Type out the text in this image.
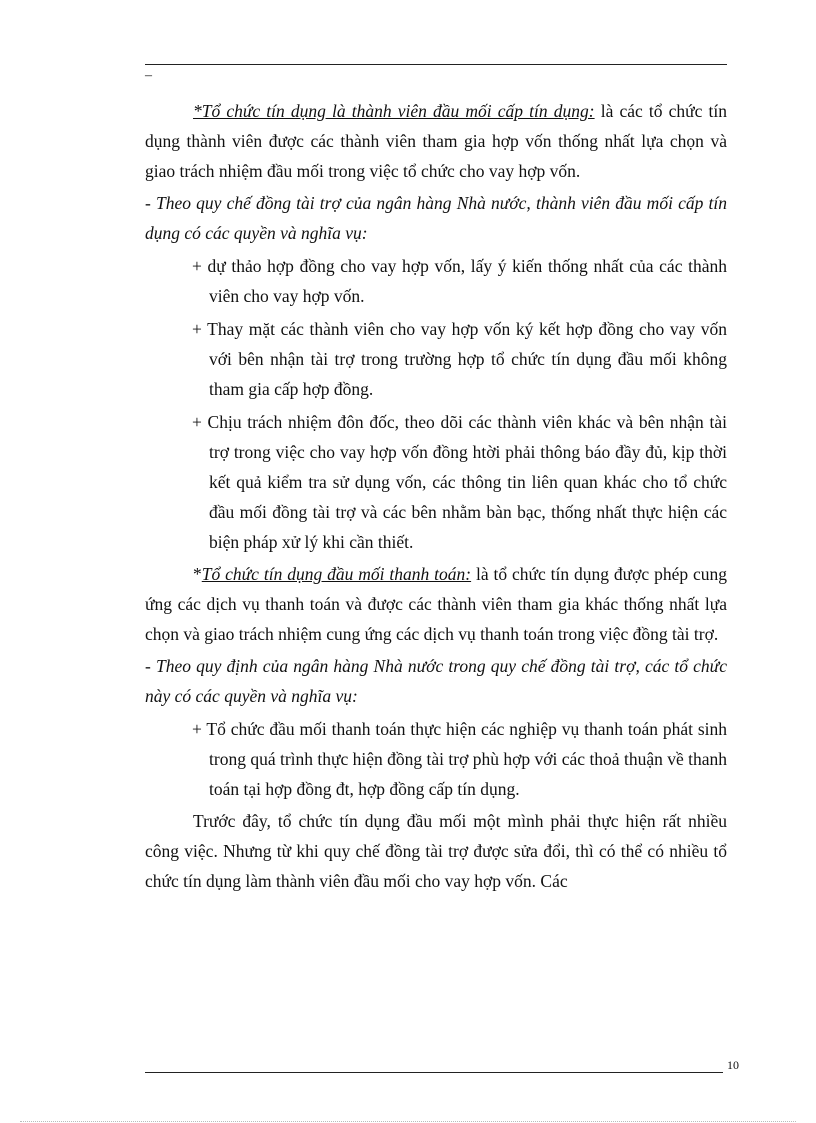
–

*Tổ chức tín dụng là thành viên đầu mối cấp tín dụng: là các tổ chức tín dụng thành viên được các thành viên tham gia hợp vốn thống nhất lựa chọn và giao trách nhiệm đầu mối trong việc tổ chức cho vay hợp vốn.

- Theo quy chế đồng tài trợ của ngân hàng Nhà nước, thành viên đầu mối cấp tín dụng có các quyền và nghĩa vụ:

+ dự thảo hợp đồng cho vay hợp vốn, lấy ý kiến thống nhất của các thành viên cho vay hợp vốn.

+ Thay mặt các thành viên cho vay hợp vốn ký kết hợp đồng cho vay vốn với bên nhận tài trợ trong trường hợp tổ chức tín dụng đầu mối không tham gia cấp hợp đồng.

+ Chịu trách nhiệm đôn đốc, theo dõi các thành viên khác và bên nhận tài trợ trong việc cho vay hợp vốn đồng htời phải thông báo đầy đủ, kịp thời kết quả kiểm tra sử dụng vốn, các thông tin liên quan khác cho tổ chức đầu mối đồng tài trợ và các bên nhằm bàn bạc, thống nhất thực hiện các biện pháp xử lý khi cần thiết.

*Tổ chức tín dụng đầu mối thanh toán: là tổ chức tín dụng được phép cung ứng các dịch vụ thanh toán và được các thành viên tham gia khác thống nhất lựa chọn và giao trách nhiệm cung ứng các dịch vụ thanh toán trong việc đồng tài trợ.

- Theo quy định của ngân hàng Nhà nước trong quy chế đồng tài trợ, các tổ chức này có các quyền và nghĩa vụ:

+ Tổ chức đầu mối thanh toán thực hiện các nghiệp vụ thanh toán phát sinh trong quá trình thực hiện đồng tài trợ phù hợp với các thoả thuận về thanh toán tại hợp đồng đt, hợp đồng cấp tín dụng.

Trước đây, tổ chức tín dụng đầu mối một mình phải thực hiện rất nhiều công việc. Nhưng từ khi quy chế đồng tài trợ được sửa đổi, thì có thể có nhiều tổ chức tín dụng làm thành viên đầu mối cho vay hợp vốn. Các

10
